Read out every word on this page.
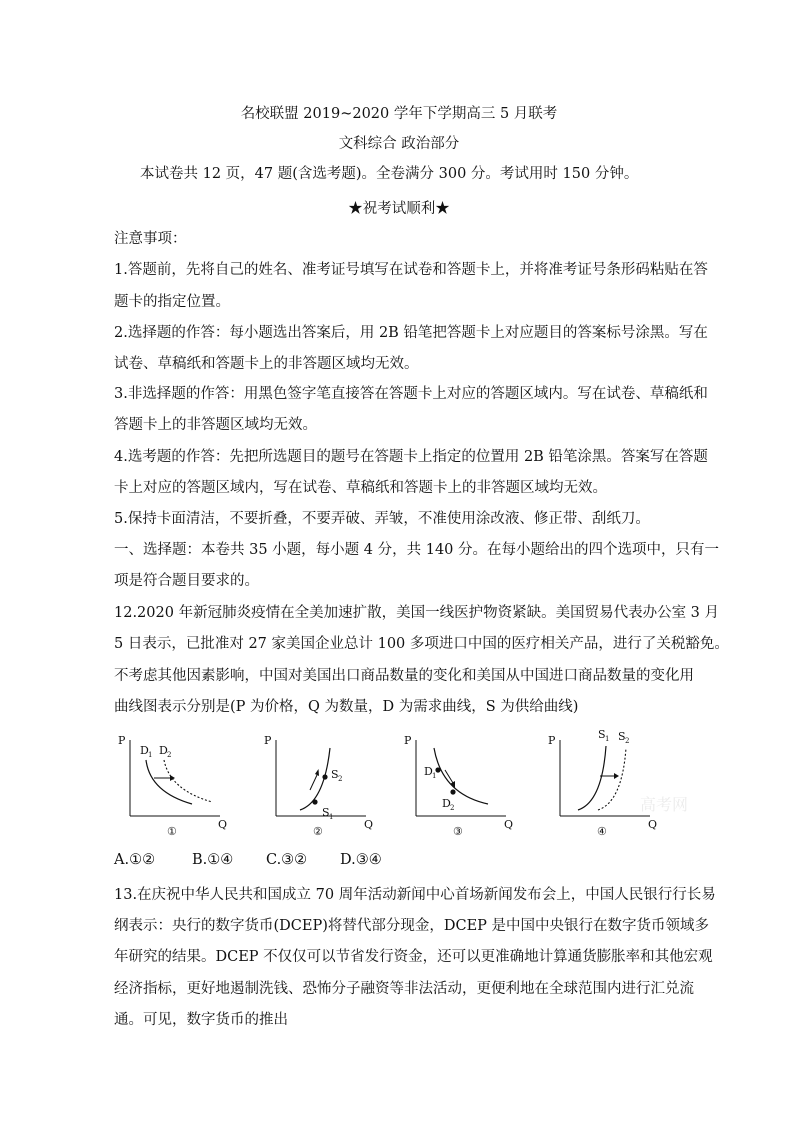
名校联盟 2019~2020 学年下学期高三 5 月联考
文科综合 政治部分
本试卷共 12 页，47 题(含选考题)。全卷满分 300 分。考试用时 150 分钟。
★祝考试顺利★
注意事项：
1.答题前，先将自己的姓名、准考证号填写在试卷和答题卡上，并将准考证号条形码粘贴在答
题卡的指定位置。
2.选择题的作答：每小题选出答案后，用 2B 铅笔把答题卡上对应题目的答案标号涂黑。写在
试卷、草稿纸和答题卡上的非答题区域均无效。
3.非选择题的作答：用黑色签字笔直接答在答题卡上对应的答题区域内。写在试卷、草稿纸和
答题卡上的非答题区域均无效。
4.选考题的作答：先把所选题目的题号在答题卡上指定的位置用 2B 铅笔涂黑。答案写在答题
卡上对应的答题区域内，写在试卷、草稿纸和答题卡上的非答题区域均无效。
5.保持卡面清洁，不要折叠，不要弄破、弄皱，不准使用涂改液、修正带、刮纸刀。
一、选择题：本卷共 35 小题，每小题 4 分，共 140 分。在每小题给出的四个选项中，只有一
项是符合题目要求的。
12.2020 年新冠肺炎疫情在全美加速扩散，美国一线医护物资紧缺。美国贸易代表办公室 3 月
5 日表示，已批准对 27 家美国企业总计 100 多项进口中国的医疗相关产品，进行了关税豁免。
不考虑其他因素影响，中国对美国出口商品数量的变化和美国从中国进口商品数量的变化用
曲线图表示分别是(P 为价格，Q 为数量，D 为需求曲线，S 为供给曲线)
P
Q
D 1 D 2
①
P
Q
S 1
S 2
②
P
Q
D 1
D 2
③
P
Q
S 1 S 2
④
高考网
A.①②	B.①④ C.③② D.③④
13.在庆祝中华人民共和国成立 70 周年活动新闻中心首场新闻发布会上，中国人民银行行长易
纲表示：央行的数字货币(DCEP)将替代部分现金，DCEP 是中国中央银行在数字货币领域多
年研究的结果。DCEP 不仅仅可以节省发行资金，还可以更准确地计算通货膨胀率和其他宏观
经济指标，更好地遏制洗钱、恐怖分子融资等非法活动，更便利地在全球范围内进行汇兑流
通。可见，数字货币的推出
